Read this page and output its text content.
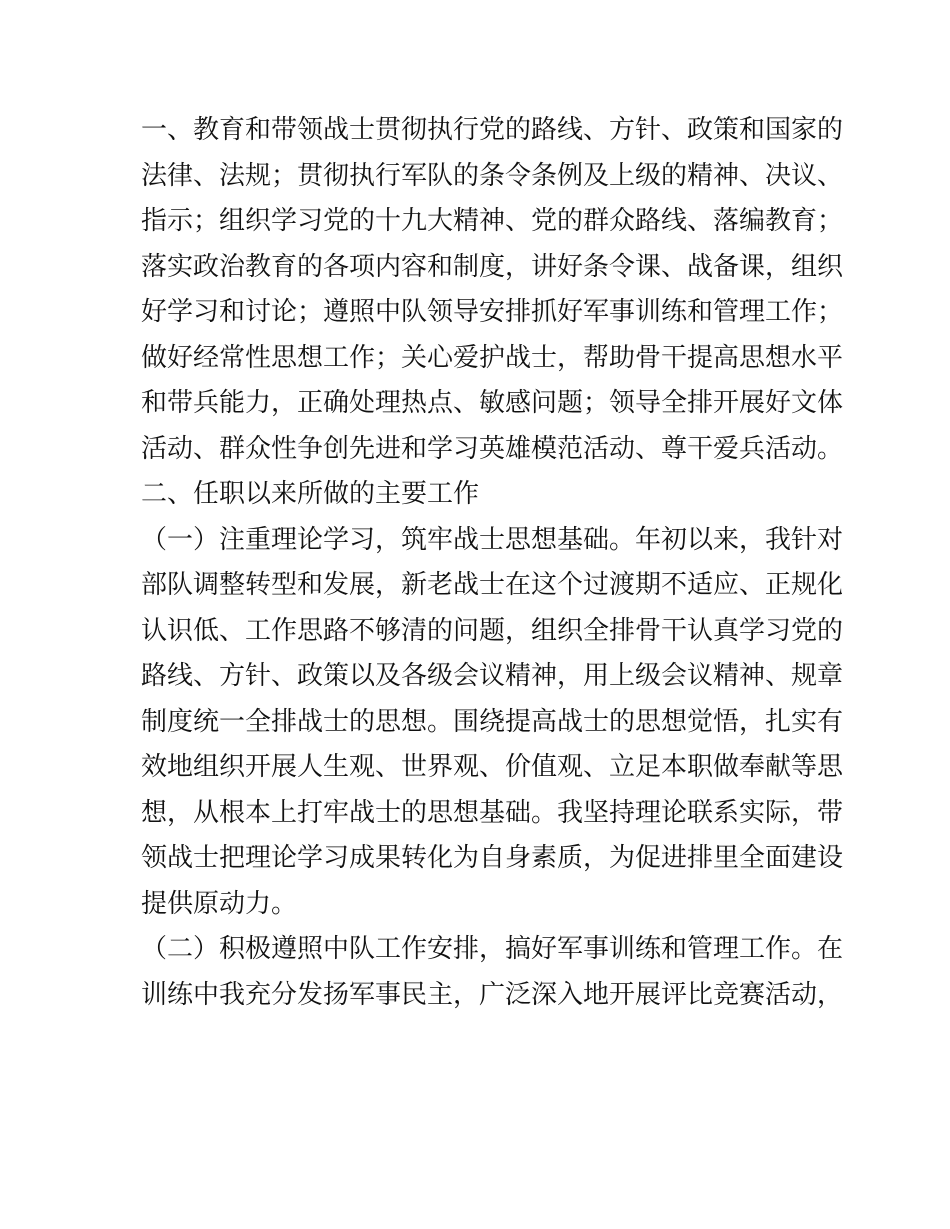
一、教育和带领战士贯彻执行党的路线、方针、政策和国家的
法律、法规；贯彻执行军队的条令条例及上级的精神、决议、
指示；组织学习党的十九大精神、党的群众路线、落编教育；
落实政治教育的各项内容和制度，讲好条令课、战备课，组织
好学习和讨论；遵照中队领导安排抓好军事训练和管理工作；
做好经常性思想工作；关心爱护战士，帮助骨干提高思想水平
和带兵能力，正确处理热点、敏感问题；领导全排开展好文体
活动、群众性争创先进和学习英雄模范活动、尊干爱兵活动。
二、任职以来所做的主要工作
（一）注重理论学习，筑牢战士思想基础。年初以来，我针对
部队调整转型和发展，新老战士在这个过渡期不适应、正规化
认识低、工作思路不够清的问题，组织全排骨干认真学习党的
路线、方针、政策以及各级会议精神，用上级会议精神、规章
制度统一全排战士的思想。围绕提高战士的思想觉悟，扎实有
效地组织开展人生观、世界观、价值观、立足本职做奉献等思
想，从根本上打牢战士的思想基础。我坚持理论联系实际，带
领战士把理论学习成果转化为自身素质，为促进排里全面建设
提供原动力。
（二）积极遵照中队工作安排，搞好军事训练和管理工作。在
训练中我充分发扬军事民主，广泛深入地开展评比竞赛活动，
